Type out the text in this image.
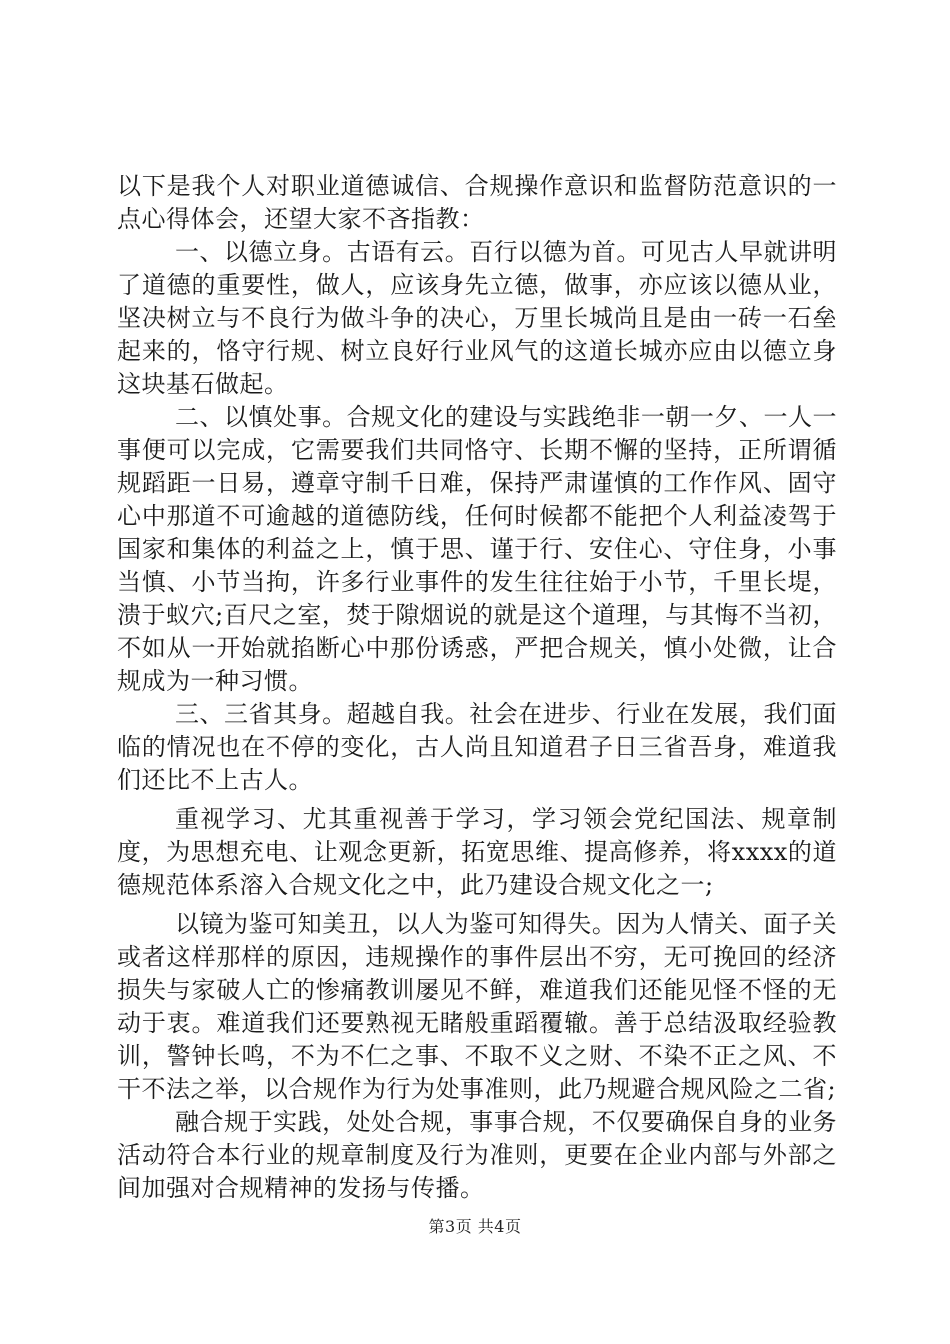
以下是我个人对职业道德诚信、合规操作意识和监督防范意识的一点心得体会，还望大家不吝指教：

一、以德立身。古语有云。百行以德为首。可见古人早就讲明了道德的重要性，做人，应该身先立德，做事，亦应该以德从业，坚决树立与不良行为做斗争的决心，万里长城尚且是由一砖一石垒起来的，恪守行规、树立良好行业风气的这道长城亦应由以德立身这块基石做起。

二、以慎处事。合规文化的建设与实践绝非一朝一夕、一人一事便可以完成，它需要我们共同恪守、长期不懈的坚持，正所谓循规蹈距一日易，遵章守制千日难，保持严肃谨慎的工作作风、固守心中那道不可逾越的道德防线，任何时候都不能把个人利益凌驾于国家和集体的利益之上，慎于思、谨于行、安住心、守住身，小事当慎、小节当拘，许多行业事件的发生往往始于小节，千里长堤，溃于蚁穴;百尺之室，焚于隙烟说的就是这个道理，与其悔不当初，不如从一开始就掐断心中那份诱惑，严把合规关，慎小处微，让合规成为一种习惯。

三、三省其身。超越自我。社会在进步、行业在发展，我们面临的情况也在不停的变化，古人尚且知道君子日三省吾身，难道我们还比不上古人。

重视学习、尤其重视善于学习，学习领会党纪国法、规章制度，为思想充电、让观念更新，拓宽思维、提高修养，将xxxx的道德规范体系溶入合规文化之中，此乃建设合规文化之一;

以镜为鉴可知美丑，以人为鉴可知得失。因为人情关、面子关或者这样那样的原因，违规操作的事件层出不穷，无可挽回的经济损失与家破人亡的惨痛教训屡见不鲜，难道我们还能见怪不怪的无动于衷。难道我们还要熟视无睹般重蹈覆辙。善于总结汲取经验教训，警钟长鸣，不为不仁之事、不取不义之财、不染不正之风、不干不法之举，以合规作为行为处事准则，此乃规避合规风险之二省;

融合规于实践，处处合规，事事合规，不仅要确保自身的业务活动符合本行业的规章制度及行为准则，更要在企业内部与外部之间加强对合规精神的发扬与传播。

第3页 共4页
